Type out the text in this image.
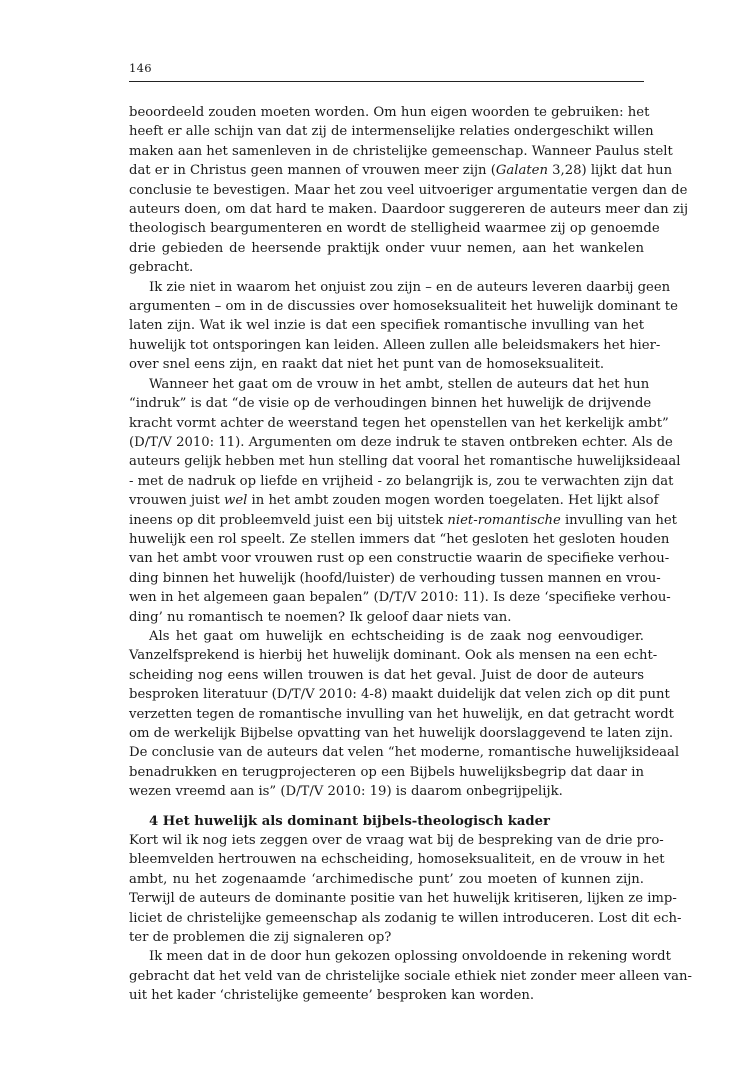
146
beoordeeld zouden moeten worden. Om hun eigen woorden te gebruiken: het
heeft er alle schijn van dat zij de intermenselijke relaties ondergeschikt willen
maken aan het samenleven in de christelijke gemeenschap. Wanneer Paulus stelt
dat er in Christus geen mannen of vrouwen meer zijn (Galaten 3,28) lijkt dat hun
conclusie te bevestigen. Maar het zou veel uitvoeriger argumentatie vergen dan de
auteurs doen, om dat hard te maken. Daardoor suggereren de auteurs meer dan zij
theologisch beargumenteren en wordt de stelligheid waarmee zij op genoemde
drie gebieden de heersende praktijk onder vuur nemen, aan het wankelen
gebracht.
Ik zie niet in waarom het onjuist zou zijn – en de auteurs leveren daarbij geen
argumenten – om in de discussies over homoseksualiteit het huwelijk dominant te
laten zijn. Wat ik wel inzie is dat een specifiek romantische invulling van het
huwelijk tot ontsporingen kan leiden. Alleen zullen alle beleidsmakers het hier-
over snel eens zijn, en raakt dat niet het punt van de homoseksualiteit.
Wanneer het gaat om de vrouw in het ambt, stellen de auteurs dat het hun
“indruk” is dat “de visie op de verhoudingen binnen het huwelijk de drijvende
kracht vormt achter de weerstand tegen het openstellen van het kerkelijk ambt”
(D/T/V 2010: 11). Argumenten om deze indruk te staven ontbreken echter. Als de
auteurs gelijk hebben met hun stelling dat vooral het romantische huwelijksideaal
- met de nadruk op liefde en vrijheid - zo belangrijk is, zou te verwachten zijn dat
vrouwen juist wel in het ambt zouden mogen worden toegelaten. Het lijkt alsof
ineens op dit probleemveld juist een bij uitstek niet-romantische invulling van het
huwelijk een rol speelt. Ze stellen immers dat “het gesloten het gesloten houden
van het ambt voor vrouwen rust op een constructie waarin de specifieke verhou-
ding binnen het huwelijk (hoofd/luister) de verhouding tussen mannen en vrou-
wen in het algemeen gaan bepalen” (D/T/V 2010: 11). Is deze ‘specifieke verhou-
ding’ nu romantisch te noemen? Ik geloof daar niets van.
Als het gaat om huwelijk en echtscheiding is de zaak nog eenvoudiger.
Vanzelfsprekend is hierbij het huwelijk dominant. Ook als mensen na een echt-
scheiding nog eens willen trouwen is dat het geval. Juist de door de auteurs
besproken literatuur (D/T/V 2010: 4-8) maakt duidelijk dat velen zich op dit punt
verzetten tegen de romantische invulling van het huwelijk, en dat getracht wordt
om de werkelijk Bijbelse opvatting van het huwelijk doorslaggevend te laten zijn.
De conclusie van de auteurs dat velen “het moderne, romantische huwelijksideaal
benadrukken en terugprojecteren op een Bijbels huwelijksbegrip dat daar in
wezen vreemd aan is” (D/T/V 2010: 19) is daarom onbegrijpelijk.
4 Het huwelijk als dominant bijbels-theologisch kader
Kort wil ik nog iets zeggen over de vraag wat bij de bespreking van de drie pro-
bleemvelden hertrouwen na echscheiding, homoseksualiteit, en de vrouw in het
ambt, nu het zogenaamde ‘archimedische punt’ zou moeten of kunnen zijn.
Terwijl de auteurs de dominante positie van het huwelijk kritiseren, lijken ze imp-
liciet de christelijke gemeenschap als zodanig te willen introduceren. Lost dit ech-
ter de problemen die zij signaleren op?
Ik meen dat in de door hun gekozen oplossing onvoldoende in rekening wordt
gebracht dat het veld van de christelijke sociale ethiek niet zonder meer alleen van-
uit het kader ‘christelijke gemeente’ besproken kan worden.
